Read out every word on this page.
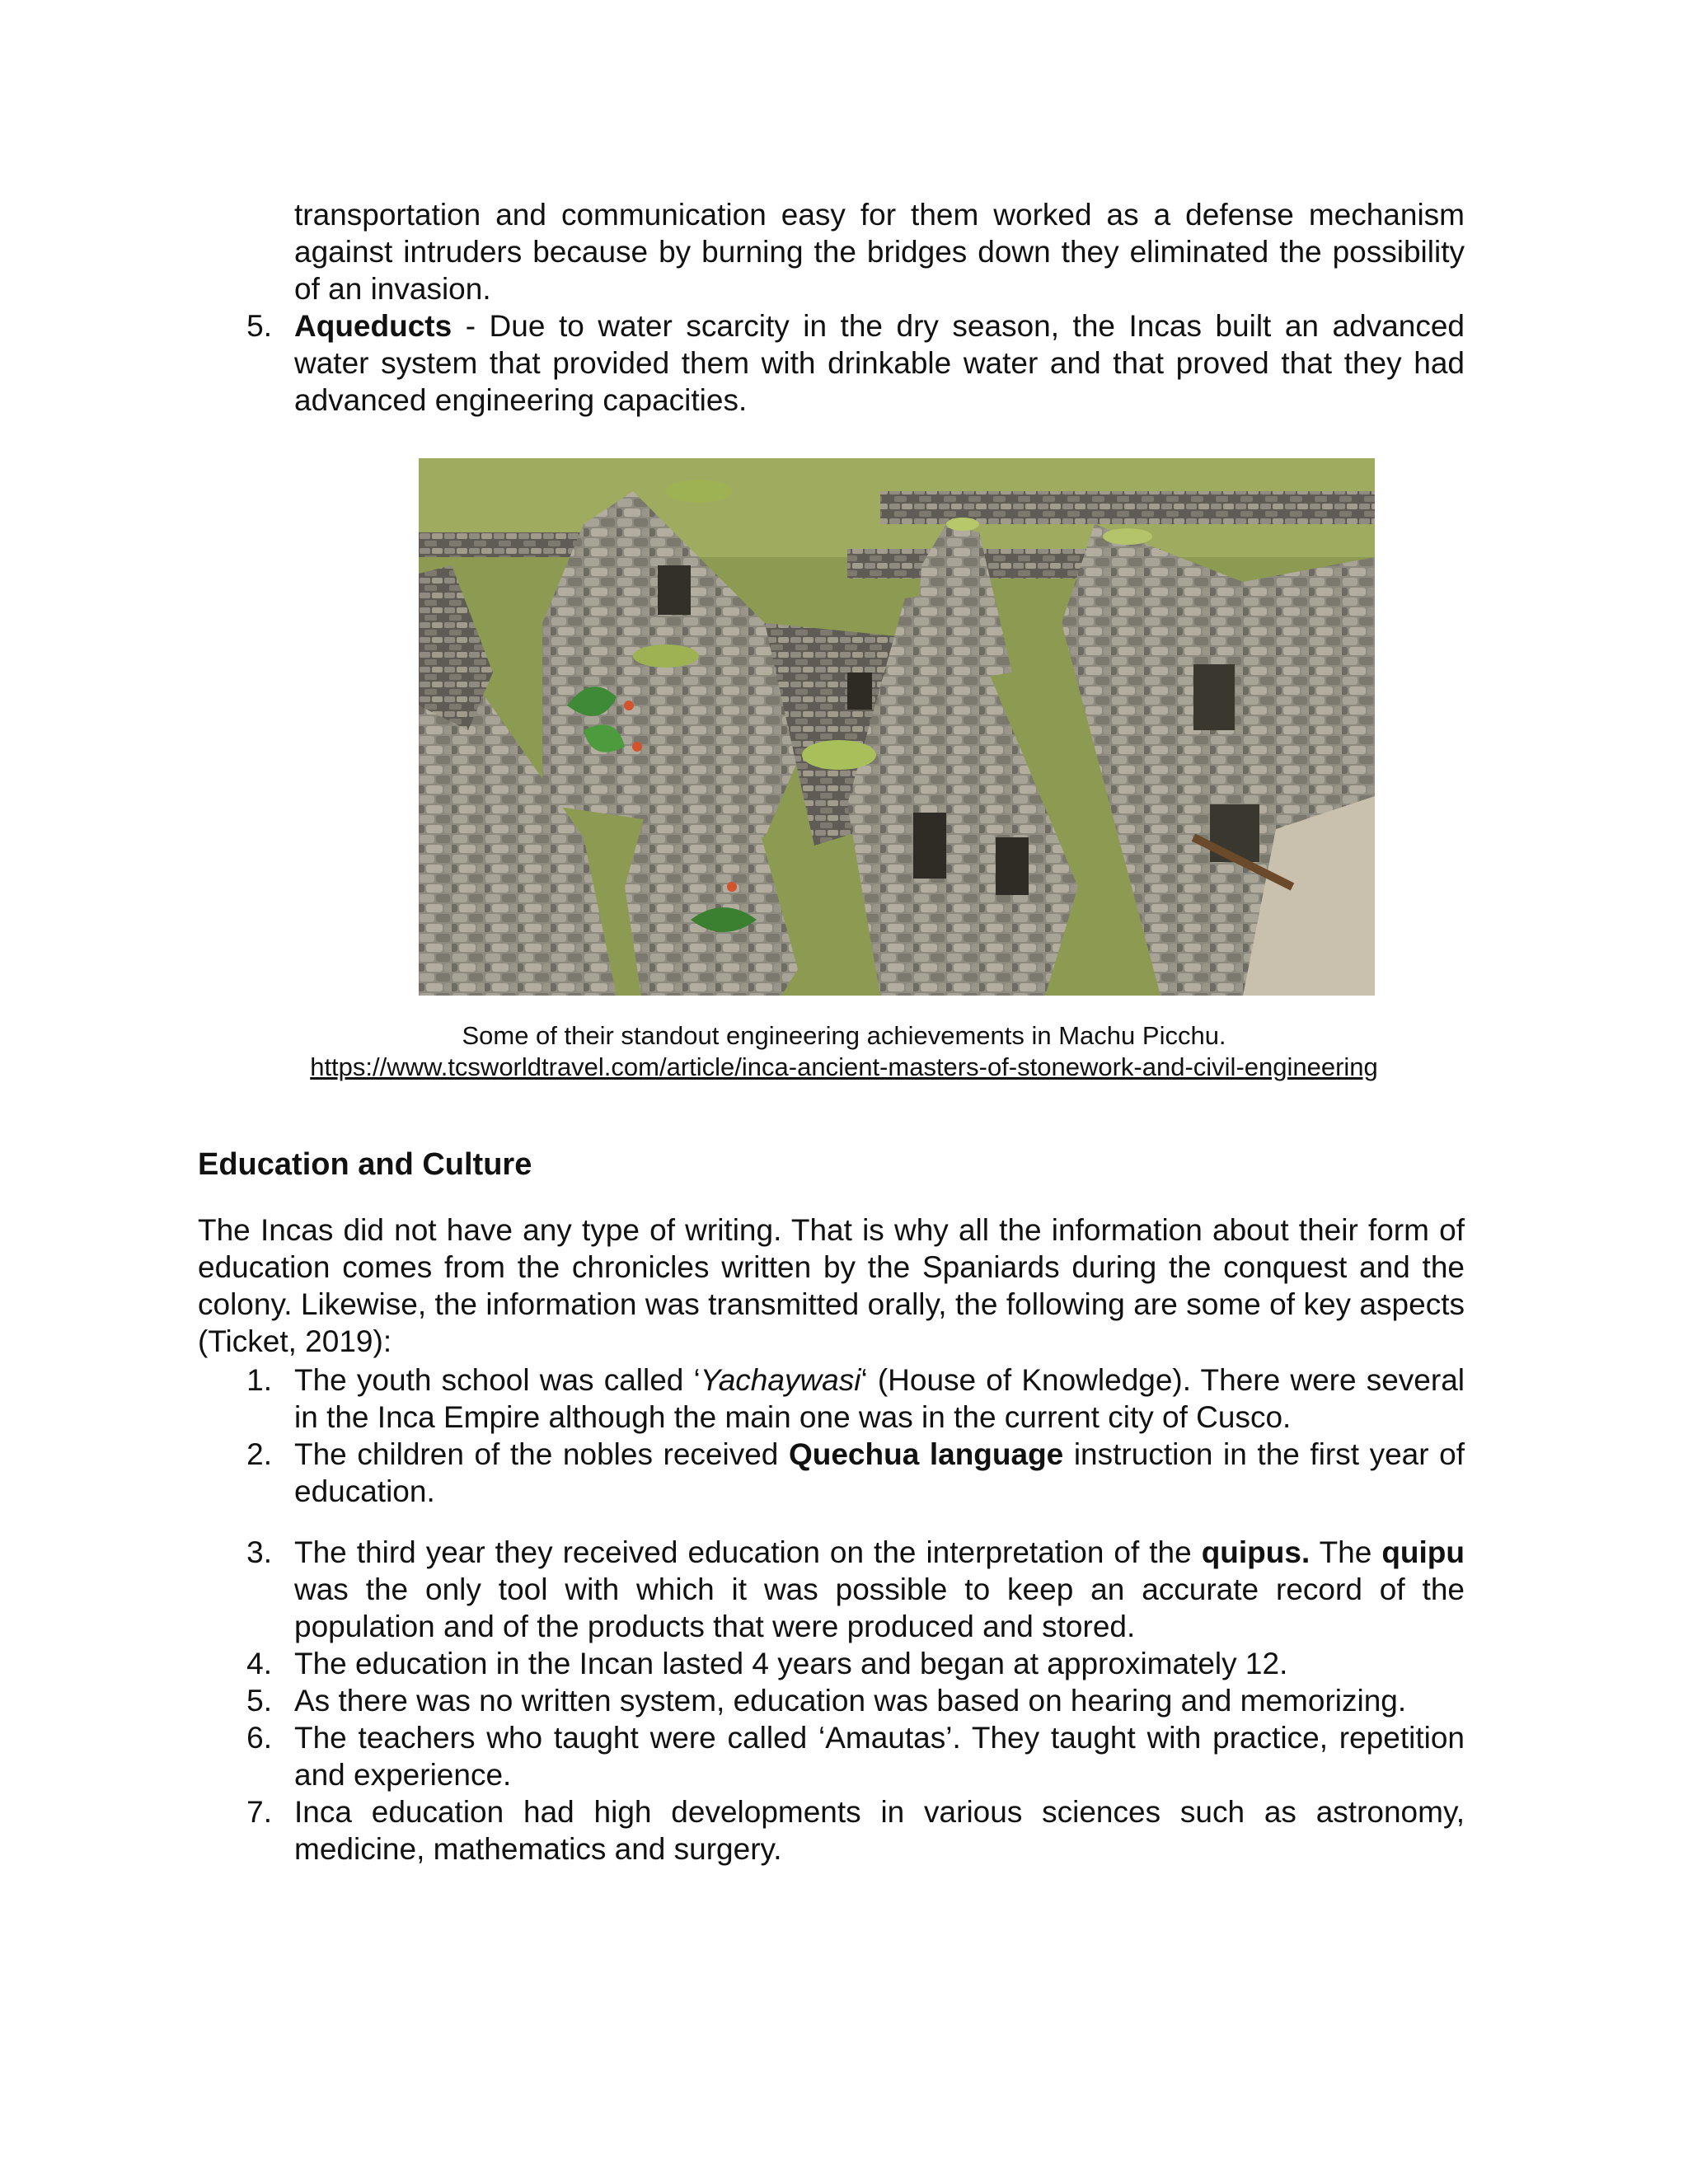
transportation and communication easy for them worked as a defense mechanism against intruders because by burning the bridges down they eliminated the possibility of an invasion.
5. Aqueducts - Due to water scarcity in the dry season, the Incas built an advanced water system that provided them with drinkable water and that proved that they had advanced engineering capacities.
Some of their standout engineering achievements in Machu Picchu.
https://www.tcsworldtravel.com/article/inca-ancient-masters-of-stonework-and-civil-engineering
Education and Culture
The Incas did not have any type of writing. That is why all the information about their form of education comes from the chronicles written by the Spaniards during the conquest and the colony. Likewise, the information was transmitted orally, the following are some of key aspects (Ticket, 2019):
1. The youth school was called ‘Yachaywasi‘ (House of Knowledge). There were several in the Inca Empire although the main one was in the current city of Cusco.
2. The children of the nobles received Quechua language instruction in the first year of education.
3. The third year they received education on the interpretation of the quipus. The quipu was the only tool with which it was possible to keep an accurate record of the population and of the products that were produced and stored.
4. The education in the Incan lasted 4 years and began at approximately 12.
5. As there was no written system, education was based on hearing and memorizing.
6. The teachers who taught were called ‘Amautas’. They taught with practice, repetition and experience.
7. Inca education had high developments in various sciences such as astronomy, medicine, mathematics and surgery.
